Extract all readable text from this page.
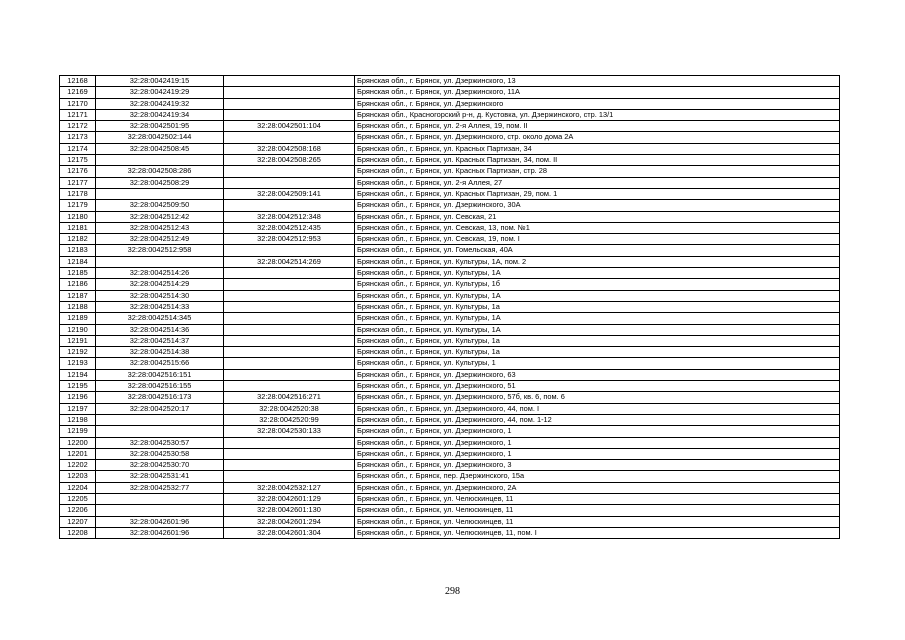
12168	32:28:0042419:15		Брянская обл., г. Брянск, ул. Дзержинского, 13
12169	32:28:0042419:29		Брянская обл., г. Брянск, ул. Дзержинского, 11А
12170	32:28:0042419:32		Брянская обл., г. Брянск, ул. Дзержинского
12171	32:28:0042419:34		Брянская обл., Красногорский р-н, д. Кустовка, ул. Дзержинского, стр. 13/1
12172	32:28:0042501:95	32:28:0042501:104	Брянская обл., г. Брянск, ул. 2-я Аллея, 19, пом. II
12173	32:28:0042502:144		Брянская обл., г. Брянск, ул. Дзержинского, стр. около дома 2А
12174	32:28:0042508:45	32:28:0042508:168	Брянская обл., г. Брянск, ул. Красных Партизан, 34
12175		32:28:0042508:265	Брянская обл., г. Брянск, ул. Красных Партизан, 34, пом. II
12176	32:28:0042508:286		Брянская обл., г. Брянск, ул. Красных Партизан, стр. 28
12177	32:28:0042508:29		Брянская обл., г. Брянск, ул. 2-я Аллея, 27
12178		32:28:0042509:141	Брянская обл., г. Брянск, ул. Красных Партизан, 29, пом. 1
12179	32:28:0042509:50		Брянская обл., г. Брянск, ул. Дзержинского, 30А
12180	32:28:0042512:42	32:28:0042512:348	Брянская обл., г. Брянск, ул. Севская, 21
12181	32:28:0042512:43	32:28:0042512:435	Брянская обл., г. Брянск, ул. Севская, 13, пом. №1
12182	32:28:0042512:49	32:28:0042512:953	Брянская обл., г. Брянск, ул. Севская, 19, пом. I
12183	32:28:0042512:958		Брянская обл., г. Брянск, ул. Гомельская, 40А
12184		32:28:0042514:269	Брянская обл., г. Брянск, ул. Культуры, 1А, пом. 2
12185	32:28:0042514:26		Брянская обл., г. Брянск, ул. Культуры, 1А
12186	32:28:0042514:29		Брянская обл., г. Брянск, ул. Культуры, 1б
12187	32:28:0042514:30		Брянская обл., г. Брянск, ул. Культуры, 1А
12188	32:28:0042514:33		Брянская обл., г. Брянск, ул. Культуры, 1а
12189	32:28:0042514:345		Брянская обл., г. Брянск, ул. Культуры, 1А
12190	32:28:0042514:36		Брянская обл., г. Брянск, ул. Культуры, 1А
12191	32:28:0042514:37		Брянская обл., г. Брянск, ул. Культуры, 1а
12192	32:28:0042514:38		Брянская обл., г. Брянск, ул. Культуры, 1а
12193	32:28:0042515:66		Брянская обл., г. Брянск, ул. Культуры, 1
12194	32:28:0042516:151		Брянская обл., г. Брянск, ул. Дзержинского, 63
12195	32:28:0042516:155		Брянская обл., г. Брянск, ул. Дзержинского, 51
12196	32:28:0042516:173	32:28:0042516:271	Брянская обл., г. Брянск, ул. Дзержинского, 57б, кв. 6, пом. 6
12197	32:28:0042520:17	32:28:0042520:38	Брянская обл., г. Брянск, ул. Дзержинского, 44, пом. I
12198		32:28:0042520:99	Брянская обл., г. Брянск, ул. Дзержинского, 44, пом. 1-12
12199		32:28:0042530:133	Брянская обл., г. Брянск, ул. Дзержинского, 1
12200	32:28:0042530:57		Брянская обл., г. Брянск, ул. Дзержинского, 1
12201	32:28:0042530:58		Брянская обл., г. Брянск, ул. Дзержинского, 1
12202	32:28:0042530:70		Брянская обл., г. Брянск, ул. Дзержинского, 3
12203	32:28:0042531:41		Брянская обл., г. Брянск, пер. Дзержинского, 15а
12204	32:28:0042532:77	32:28:0042532:127	Брянская обл., г. Брянск, ул. Дзержинского, 2А
12205		32:28:0042601:129	Брянская обл., г. Брянск, ул. Челюскинцев, 11
12206		32:28:0042601:130	Брянская обл., г. Брянск, ул. Челюскинцев, 11
12207	32:28:0042601:96	32:28:0042601:294	Брянская обл., г. Брянск, ул. Челюскинцев, 11
12208	32:28:0042601:96	32:28:0042601:304	Брянская обл., г. Брянск, ул. Челюскинцев, 11, пом. I
298
